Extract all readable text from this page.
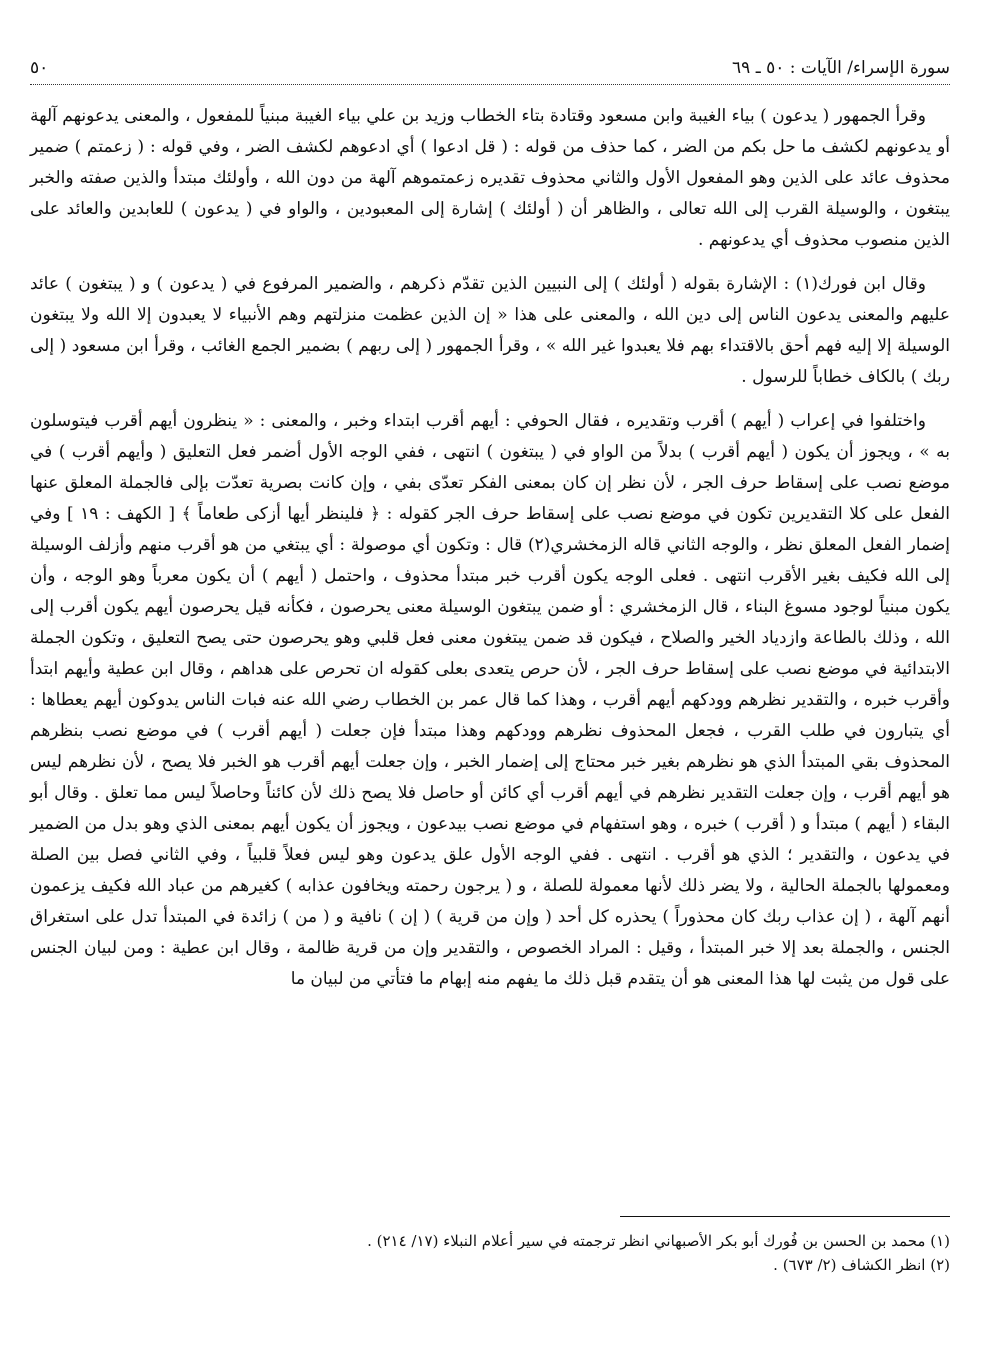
سورة الإسراء/ الآيات : ٥٠ ـ ٦٩
٥٠

وقرأ الجمهور ( يدعون ) بياء الغيبة وابن مسعود وقتادة بتاء الخطاب وزيد بن علي بياء الغيبة مبنياً للمفعول ، والمعنى يدعونهم آلهة أو يدعونهم لكشف ما حل بكم من الضر ، كما حذف من قوله : ( قل ادعوا ) أي ادعوهم لكشف الضر ، وفي قوله : ( زعمتم ) ضمير محذوف عائد على الذين وهو المفعول الأول والثاني محذوف تقديره زعمتموهم آلهة من دون الله ، وأولئك مبتدأ والذين صفته والخبر يبتغون ، والوسيلة القرب إلى الله تعالى ، والظاهر أن ( أولئك ) إشارة إلى المعبودين ، والواو في ( يدعون ) للعابدين والعائد على الذين منصوب محذوف أي يدعونهم .

وقال ابن فورك(١) : الإشارة بقوله ( أولئك ) إلى النبيين الذين تقدّم ذكرهم ، والضمير المرفوع في ( يدعون ) و ( يبتغون ) عائد عليهم والمعنى يدعون الناس إلى دين الله ، والمعنى على هذا « إن الذين عظمت منزلتهم وهم الأنبياء لا يعبدون إلا الله ولا يبتغون الوسيلة إلا إليه فهم أحق بالاقتداء بهم فلا يعبدوا غير الله » ، وقرأ الجمهور ( إلى ربهم ) بضمير الجمع الغائب ، وقرأ ابن مسعود ( إلى ربك ) بالكاف خطاباً للرسول .

واختلفوا في إعراب ( أيهم ) أقرب وتقديره ، فقال الحوفي : أيهم أقرب ابتداء وخبر ، والمعنى : « ينظرون أيهم أقرب فيتوسلون به » ، ويجوز أن يكون ( أيهم أقرب ) بدلاً من الواو في ( يبتغون ) انتهى ، ففي الوجه الأول أضمر فعل التعليق ( وأيهم أقرب ) في موضع نصب على إسقاط حرف الجر ، لأن نظر إن كان بمعنى الفكر تعدّى بفي ، وإن كانت بصرية تعدّت بإلى فالجملة المعلق عنها الفعل على كلا التقديرين تكون في موضع نصب على إسقاط حرف الجر كقوله : ﴿ فلينظر أيها أزكى طعاماً ﴾ [ الكهف : ١٩ ] وفي إضمار الفعل المعلق نظر ، والوجه الثاني قاله الزمخشري(٢) قال : وتكون أي موصولة : أي يبتغي من هو أقرب منهم وأزلف الوسيلة إلى الله فكيف بغير الأقرب انتهى . فعلى الوجه يكون أقرب خبر مبتدأ محذوف ، واحتمل ( أيهم ) أن يكون معرباً وهو الوجه ، وأن يكون مبنياً لوجود مسوغ البناء ، قال الزمخشري : أو ضمن يبتغون الوسيلة معنى يحرصون ، فكأنه قيل يحرصون أيهم يكون أقرب إلى الله ، وذلك بالطاعة وازدياد الخير والصلاح ، فيكون قد ضمن يبتغون معنى فعل قلبي وهو يحرصون حتى يصح التعليق ، وتكون الجملة الابتدائية في موضع نصب على إسقاط حرف الجر ، لأن حرص يتعدى بعلى كقوله ان تحرص على هداهم ، وقال ابن عطية وأيهم ابتدأ وأقرب خبره ، والتقدير نظرهم وودكهم أيهم أقرب ، وهذا كما قال عمر بن الخطاب رضي الله عنه فبات الناس يدوكون أيهم يعطاها : أي يتبارون في طلب القرب ، فجعل المحذوف نظرهم وودكهم وهذا مبتدأ فإن جعلت ( أيهم أقرب ) في موضع نصب بنظرهم المحذوف بقي المبتدأ الذي هو نظرهم بغير خبر محتاج إلى إضمار الخبر ، وإن جعلت أيهم أقرب هو الخبر فلا يصح ، لأن نظرهم ليس هو أيهم أقرب ، وإن جعلت التقدير نظرهم في أيهم أقرب أي كائن أو حاصل فلا يصح ذلك لأن كائناً وحاصلاً ليس مما تعلق . وقال أبو البقاء ( أيهم ) مبتدأ و ( أقرب ) خبره ، وهو استفهام في موضع نصب بيدعون ، ويجوز أن يكون أيهم بمعنى الذي وهو بدل من الضمير في يدعون ، والتقدير ؛ الذي هو أقرب . انتهى . ففي الوجه الأول علق يدعون وهو ليس فعلاً قلبياً ، وفي الثاني فصل بين الصلة ومعمولها بالجملة الحالية ، ولا يضر ذلك لأنها معمولة للصلة ، و ( يرجون رحمته ويخافون عذابه ) كغيرهم من عباد الله فكيف يزعمون أنهم آلهة ، ( إن عذاب ربك كان محذوراً ) يحذره كل أحد ( وإن من قرية ) ( إن ) نافية و ( من ) زائدة في المبتدأ تدل على استغراق الجنس ، والجملة بعد إلا خبر المبتدأ ، وقيل : المراد الخصوص ، والتقدير وإن من قرية ظالمة ، وقال ابن عطية : ومن لبيان الجنس على قول من يثبت لها هذا المعنى هو أن يتقدم قبل ذلك ما يفهم منه إبهام ما فتأتي من لبيان ما

(١) محمد بن الحسن بن فُورك أبو بكر الأصبهاني انظر ترجمته في سير أعلام النبلاء (١٧/ ٢١٤) .

(٢) انظر الكشاف (٢/ ٦٧٣) .
